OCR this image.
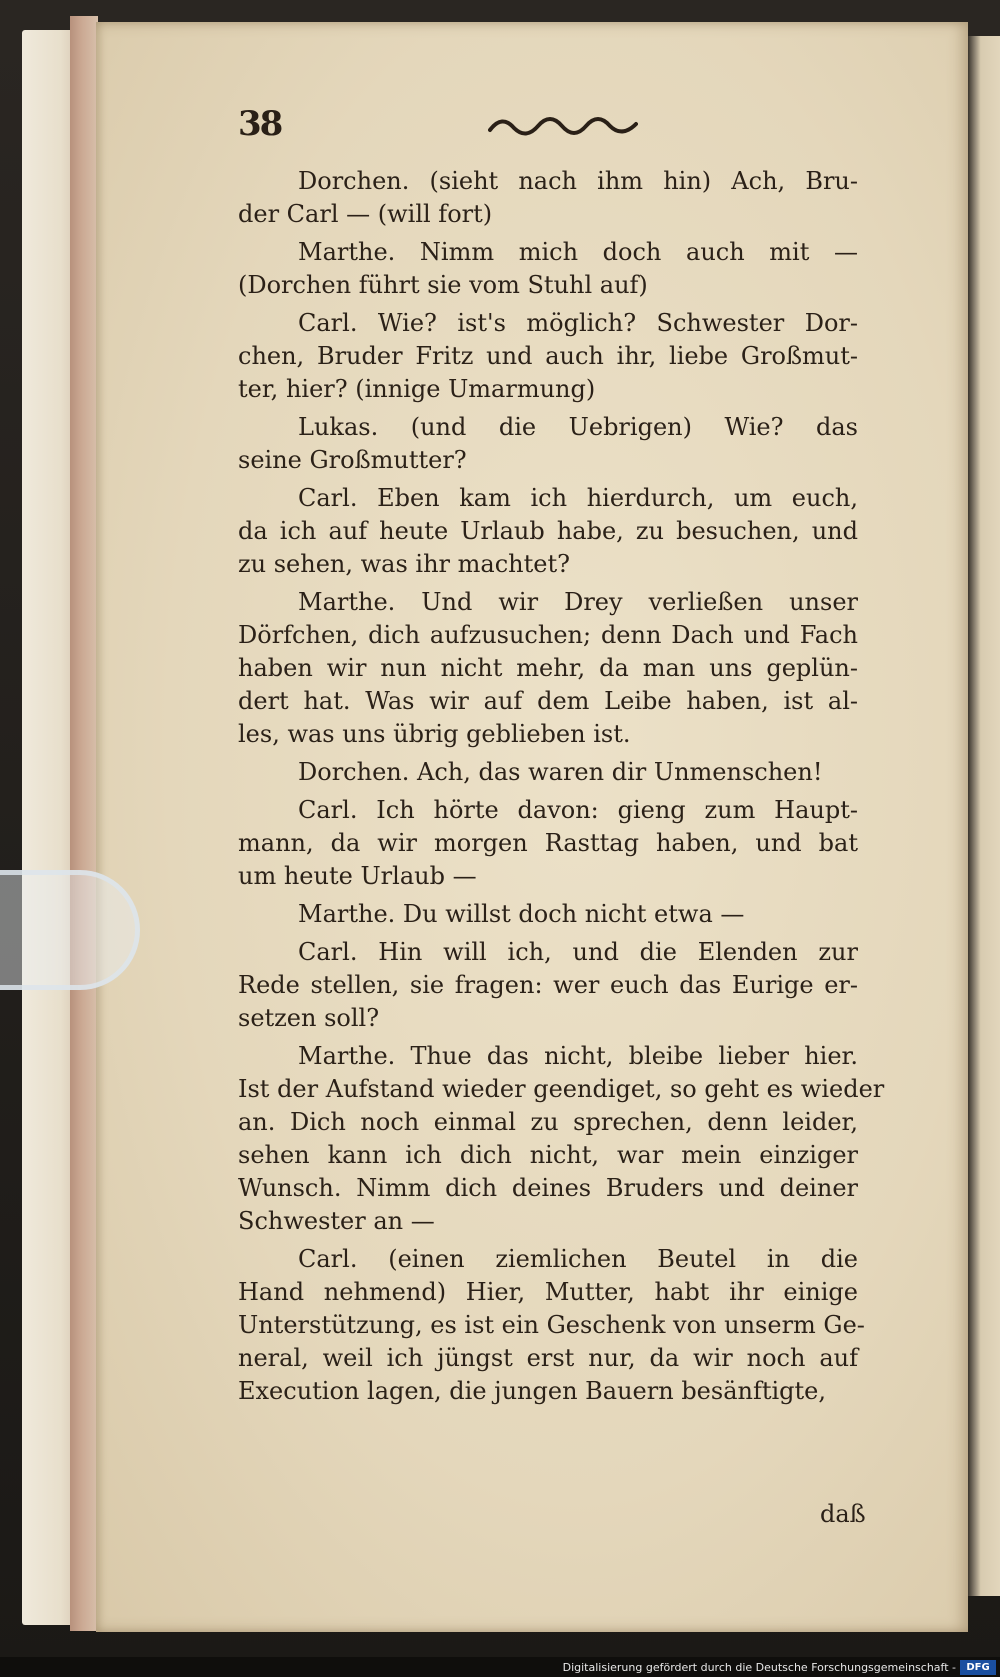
38
Dorchen. (sieht nach ihm hin) Ach, Bru-
der Carl — (will fort)
Marthe. Nimm mich doch auch mit —
(Dorchen führt sie vom Stuhl auf)
Carl. Wie? ist's möglich? Schwester Dor-
chen, Bruder Fritz und auch ihr, liebe Großmut-
ter, hier? (innige Umarmung)
Lukas. (und die Uebrigen) Wie? das
seine Großmutter?
Carl. Eben kam ich hierdurch, um euch,
da ich auf heute Urlaub habe, zu besuchen, und
zu sehen, was ihr machtet?
Marthe. Und wir Drey verließen unser
Dörfchen, dich aufzusuchen; denn Dach und Fach
haben wir nun nicht mehr, da man uns geplün-
dert hat. Was wir auf dem Leibe haben, ist al-
les, was uns übrig geblieben ist.
Dorchen. Ach, das waren dir Unmenschen!
Carl. Ich hörte davon: gieng zum Haupt-
mann, da wir morgen Rasttag haben, und bat
um heute Urlaub —
Marthe. Du willst doch nicht etwa —
Carl. Hin will ich, und die Elenden zur
Rede stellen, sie fragen: wer euch das Eurige er-
setzen soll?
Marthe. Thue das nicht, bleibe lieber hier.
Ist der Aufstand wieder geendiget, so geht es wieder
an. Dich noch einmal zu sprechen, denn leider,
sehen kann ich dich nicht, war mein einziger
Wunsch. Nimm dich deines Bruders und deiner
Schwester an —
Carl. (einen ziemlichen Beutel in die
Hand nehmend) Hier, Mutter, habt ihr einige
Unterstützung, es ist ein Geschenk von unserm Ge-
neral, weil ich jüngst erst nur, da wir noch auf
Execution lagen, die jungen Bauern besänftigte,
daß
Digitalisierung gefördert durch die Deutsche Forschungsgemeinschaft -	DFG
